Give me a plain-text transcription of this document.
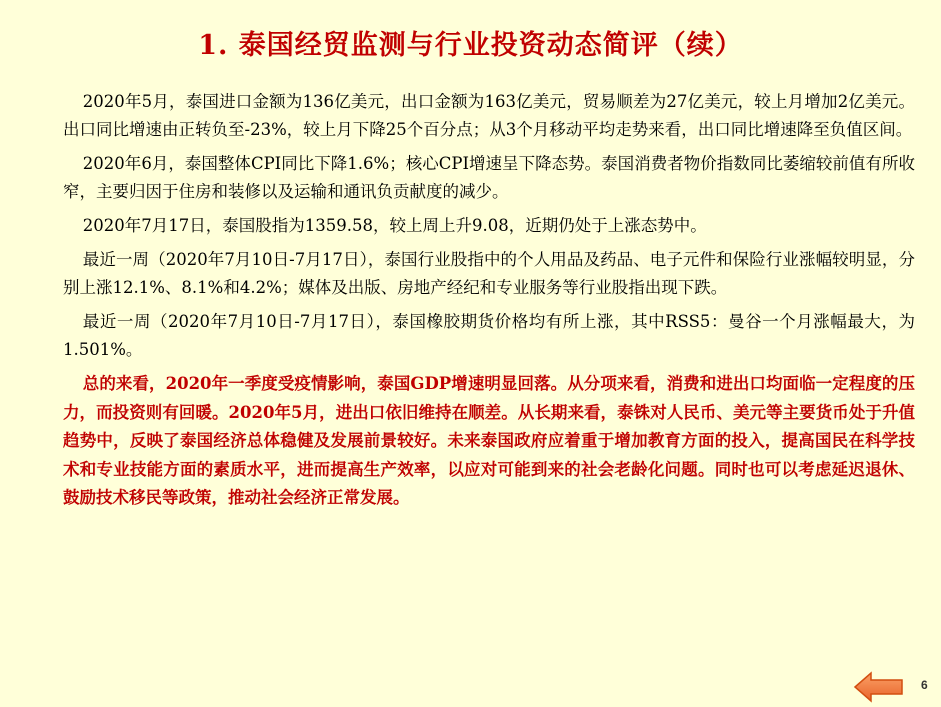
1. 泰国经贸监测与行业投资动态简评（续）

2020年5月，泰国进口金额为136亿美元，出口金额为163亿美元，贸易顺差为27亿美元，较上月增加2亿美元。出口同比增速由正转负至-23%，较上月下降25个百分点；从3个月移动平均走势来看，出口同比增速降至负值区间。

2020年6月，泰国整体CPI同比下降1.6%；核心CPI增速呈下降态势。泰国消费者物价指数同比萎缩较前值有所收窄，主要归因于住房和装修以及运输和通讯负贡献度的减少。

2020年7月17日，泰国股指为1359.58，较上周上升9.08，近期仍处于上涨态势中。

最近一周（2020年7月10日-7月17日），泰国行业股指中的个人用品及药品、电子元件和保险行业涨幅较明显，分别上涨12.1%、8.1%和4.2%；媒体及出版、房地产经纪和专业服务等行业股指出现下跌。

最近一周（2020年7月10日-7月17日），泰国橡胶期货价格均有所上涨，其中RSS5：曼谷一个月涨幅最大，为1.501%。

总的来看，2020年一季度受疫情影响，泰国GDP增速明显回落。从分项来看，消费和进出口均面临一定程度的压力，而投资则有回暖。2020年5月，进出口依旧维持在顺差。从长期来看，泰铢对人民币、美元等主要货币处于升值趋势中，反映了泰国经济总体稳健及发展前景较好。未来泰国政府应着重于增加教育方面的投入，提高国民在科学技术和专业技能方面的素质水平，进而提高生产效率，以应对可能到来的社会老龄化问题。同时也可以考虑延迟退休、鼓励技术移民等政策，推动社会经济正常发展。

6
